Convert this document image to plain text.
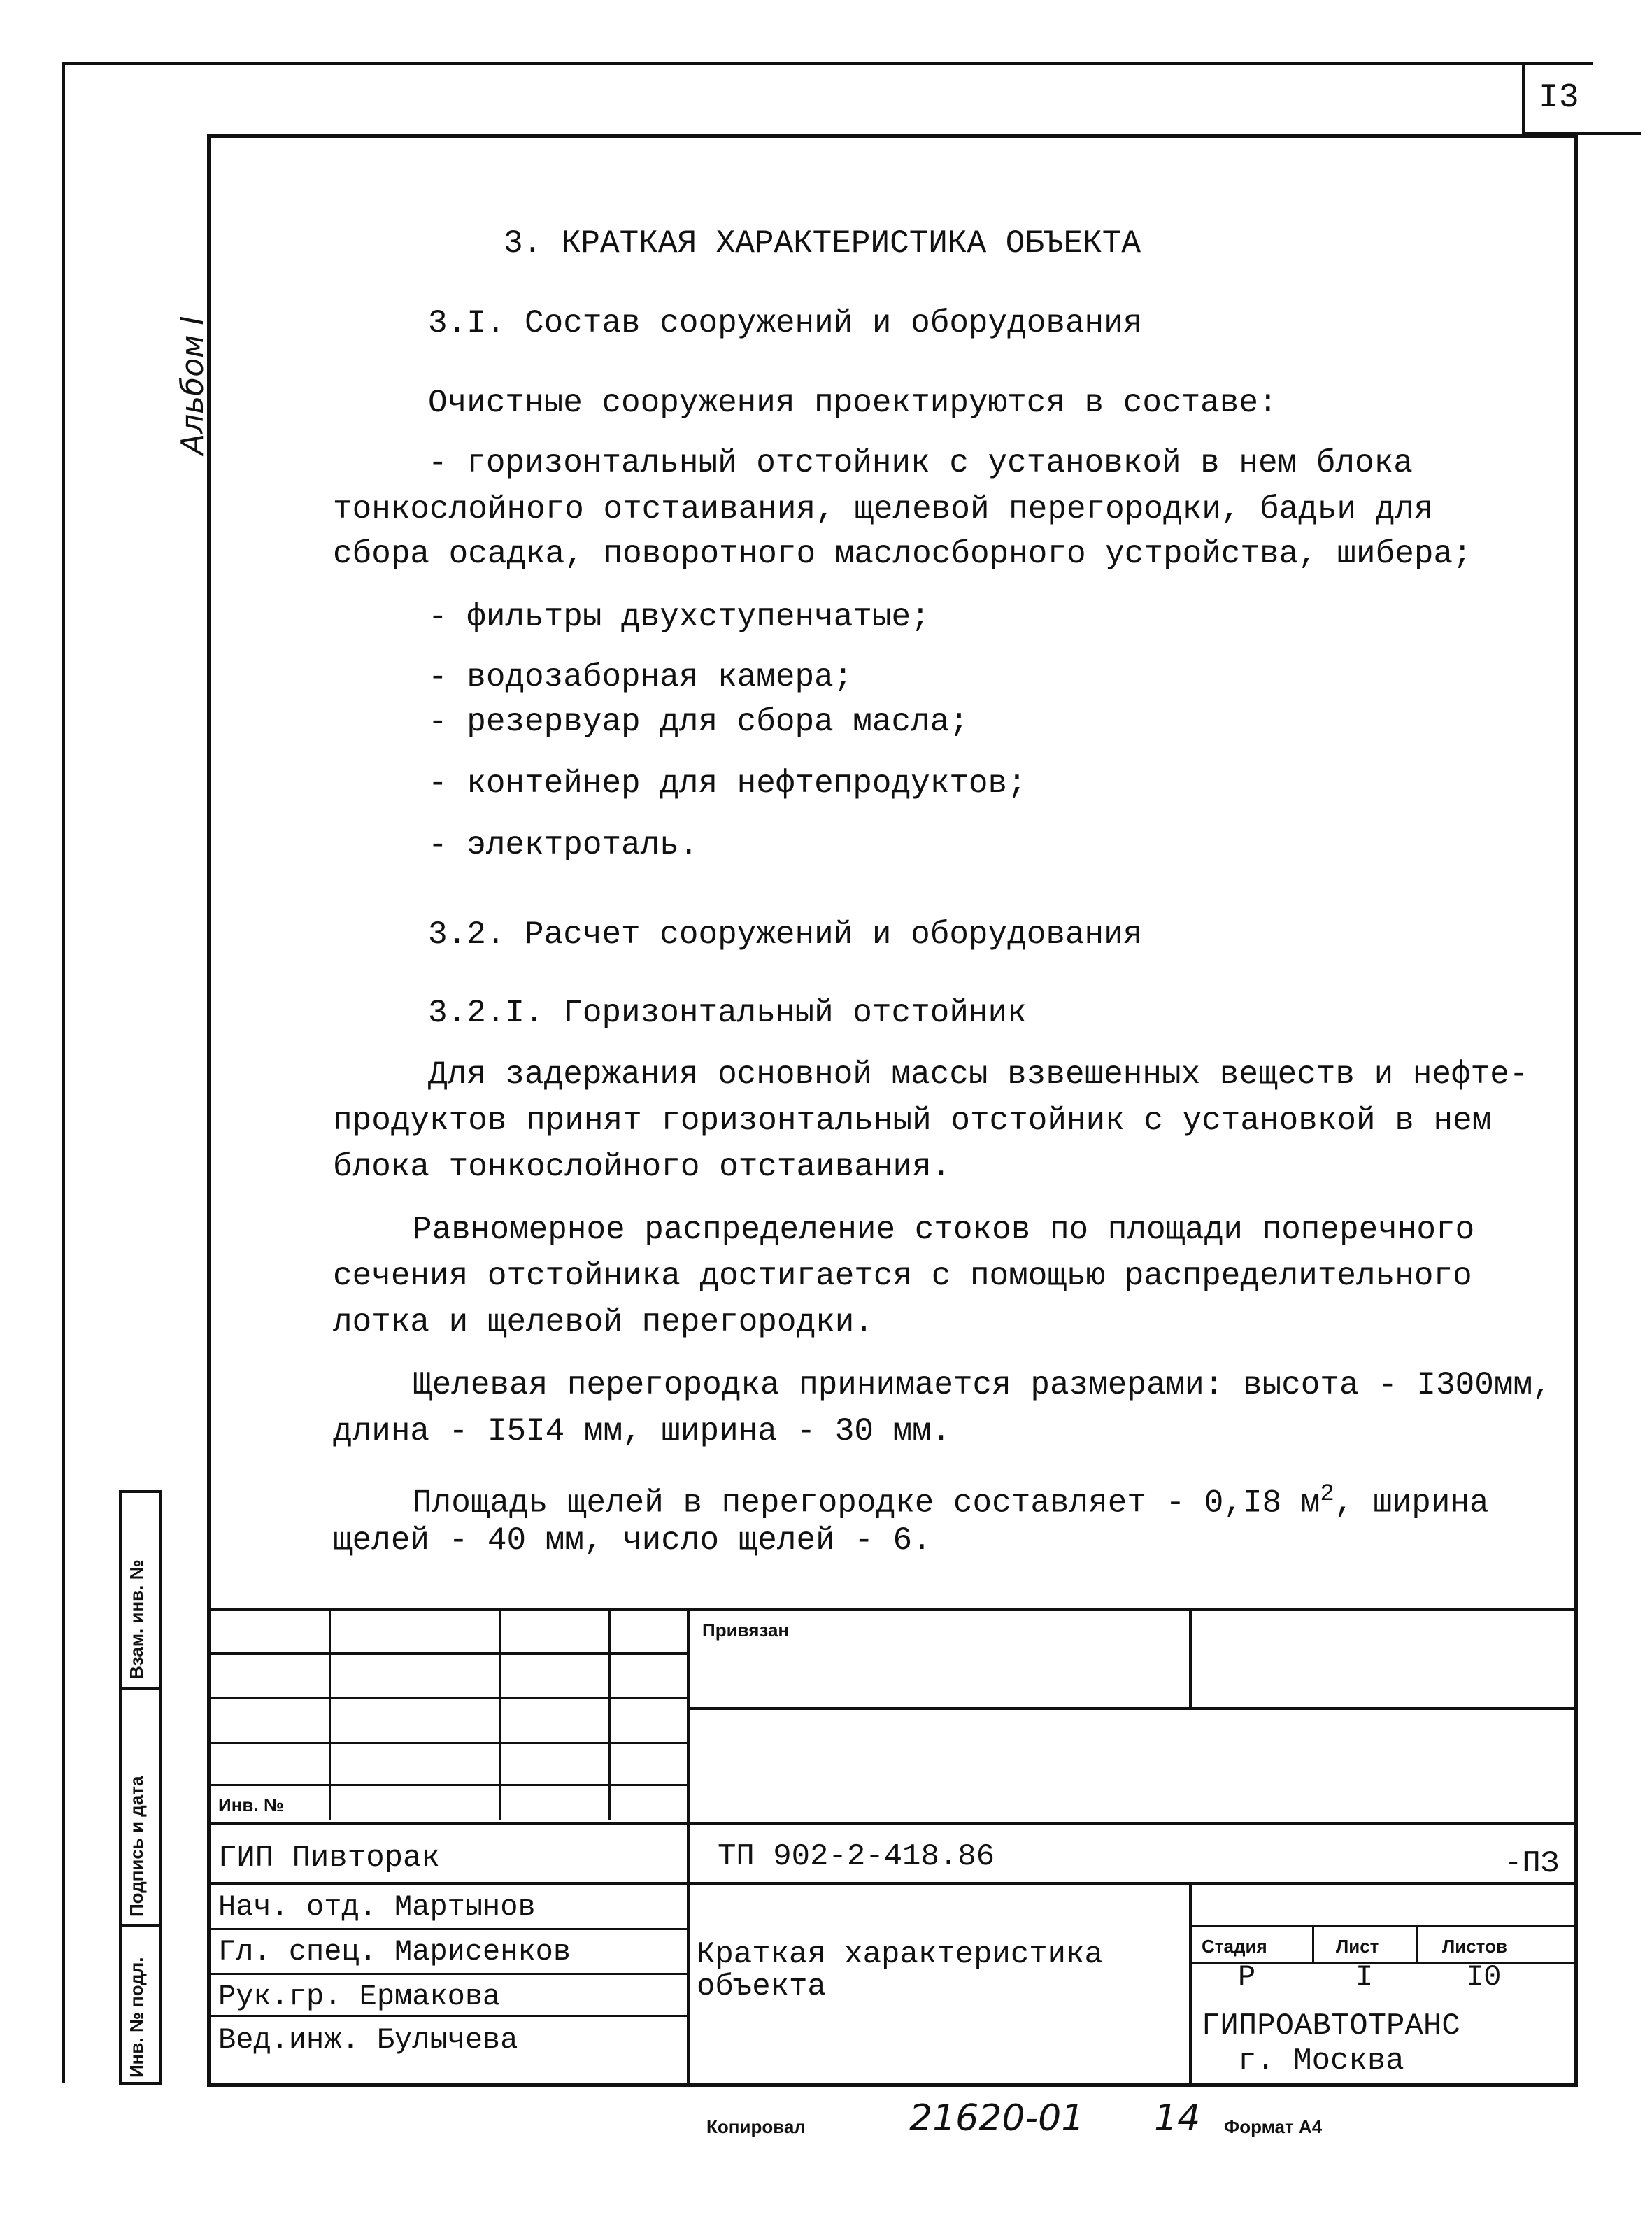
I3
Альбом I
3. КРАТКАЯ ХАРАКТЕРИСТИКА ОБЪЕКТА
3.I. Состав сооружений и оборудования
Очистные сооружения проектируются в составе:
- горизонтальный отстойник с установкой в нем блока
тонкослойного отстаивания, щелевой перегородки, бадьи для
сбора осадка, поворотного маслосборного устройства, шибера;
- фильтры двухступенчатые;
- водозаборная камера;
- резервуар для сбора масла;
- контейнер для нефтепродуктов;
- электроталь.
3.2. Расчет сооружений и оборудования
3.2.I. Горизонтальный отстойник
Для задержания основной массы взвешенных веществ и нефте-
продуктов принят горизонтальный отстойник с установкой в нем
блока тонкослойного отстаивания.
Равномерное распределение стоков по площади поперечного
сечения отстойника достигается с помощью распределительного
лотка и щелевой перегородки.
Щелевая перегородка принимается размерами: высота - I300мм,
длина - I5I4 мм, ширина - 30 мм.
Площадь щелей в перегородке составляет - 0,I8 $м^2$, ширина
щелей - 40 мм, число щелей - 6.
Взам. инв. №
Подпись и дата
Инв. № подл.
Привязан
Инв. №
ТП 902-2-418.86	-ПЗ
ГИП Пивторак
Нач. отд. Мартынов
Гл. спец. Марисенков
Рук.гр. Ермакова
Вед.инж. Булычева
Краткая характеристика
объекта
Стадия	Лист	Листов
Р	I	I0
ГИПРОАВТОТРАНС
г. Москва
Копировал	21620-01 14 Формат А4
